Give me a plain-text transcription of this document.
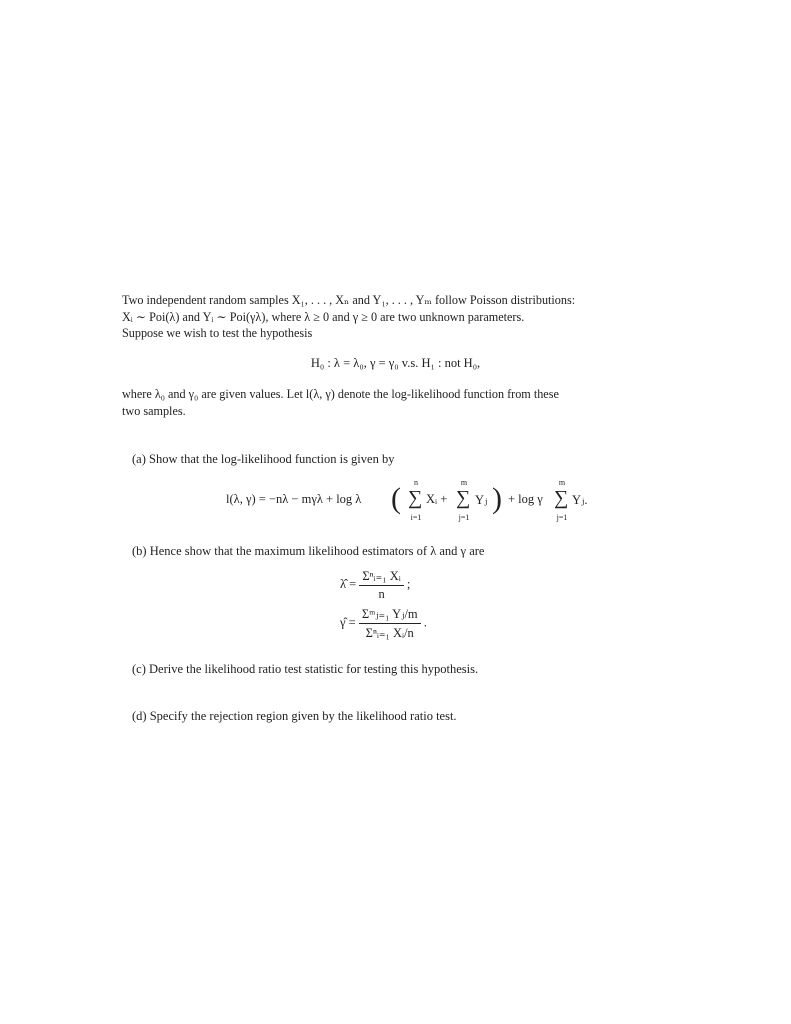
Two independent random samples X₁, . . . , Xₙ and Y₁, . . . , Yₘ follow Poisson distributions:
Xᵢ ∼ Poi(λ) and Yᵢ ∼ Poi(γλ), where λ ≥ 0 and γ ≥ 0 are two unknown parameters.
Suppose we wish to test the hypothesis
H₀ : λ = λ₀, γ = γ₀ v.s. H₁ : not H₀,
where λ₀ and γ₀ are given values. Let l(λ, γ) denote the log-likelihood function from these
two samples.
(a) Show that the log-likelihood function is given by
l(λ, γ) = −nλ − mγλ + log λ (	n
∑
i=1
Xᵢ +
m
∑
j=1
Yⱼ ) + log γ
m
∑
j=1
Yⱼ.
(b) Hence show that the maximum likelihood estimators of λ and γ are
λ̂ = $\frac{\text{Σⁿᵢ₌₁ Xᵢ}}{n}$ ;
γ̂ = $\frac{\text{Σᵐⱼ₌₁ Yⱼ/m}}{\text{Σⁿᵢ₌₁ Xᵢ/n}}$ .
(c) Derive the likelihood ratio test statistic for testing this hypothesis.
(d) Specify the rejection region given by the likelihood ratio test.
